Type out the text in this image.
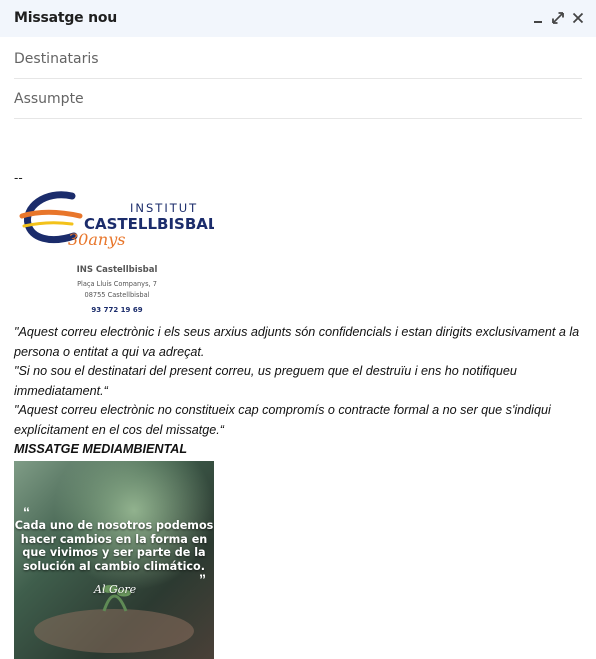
Missatge nou
Destinataris
Assumpte
--
INSTITUT
CASTELLBISBAL
30anys
INS Castellbisbal
Plaça Lluís Companys, 7
08755 Castellbisbal
93 772 19 69

"Aquest correu electrònic i els seus arxius adjunts són confidencials i estan dirigits exclusivament a la persona o entitat a qui va adreçat.

"Si no sou el destinatari del present correu, us preguem que el destruïu i ens ho notifiqueu immediatament.“

"Aquest correu electrònic no constitueix cap compromís o contracte formal a no ser que s'indiqui explícitament en el cos del missatge.“

MISSATGE MEDIAMBIENTAL
“
Cada uno de nosotros podemos
hacer cambios en la forma en
que vivimos y ser parte de la
solución al cambio climático.
”
Al Gore
